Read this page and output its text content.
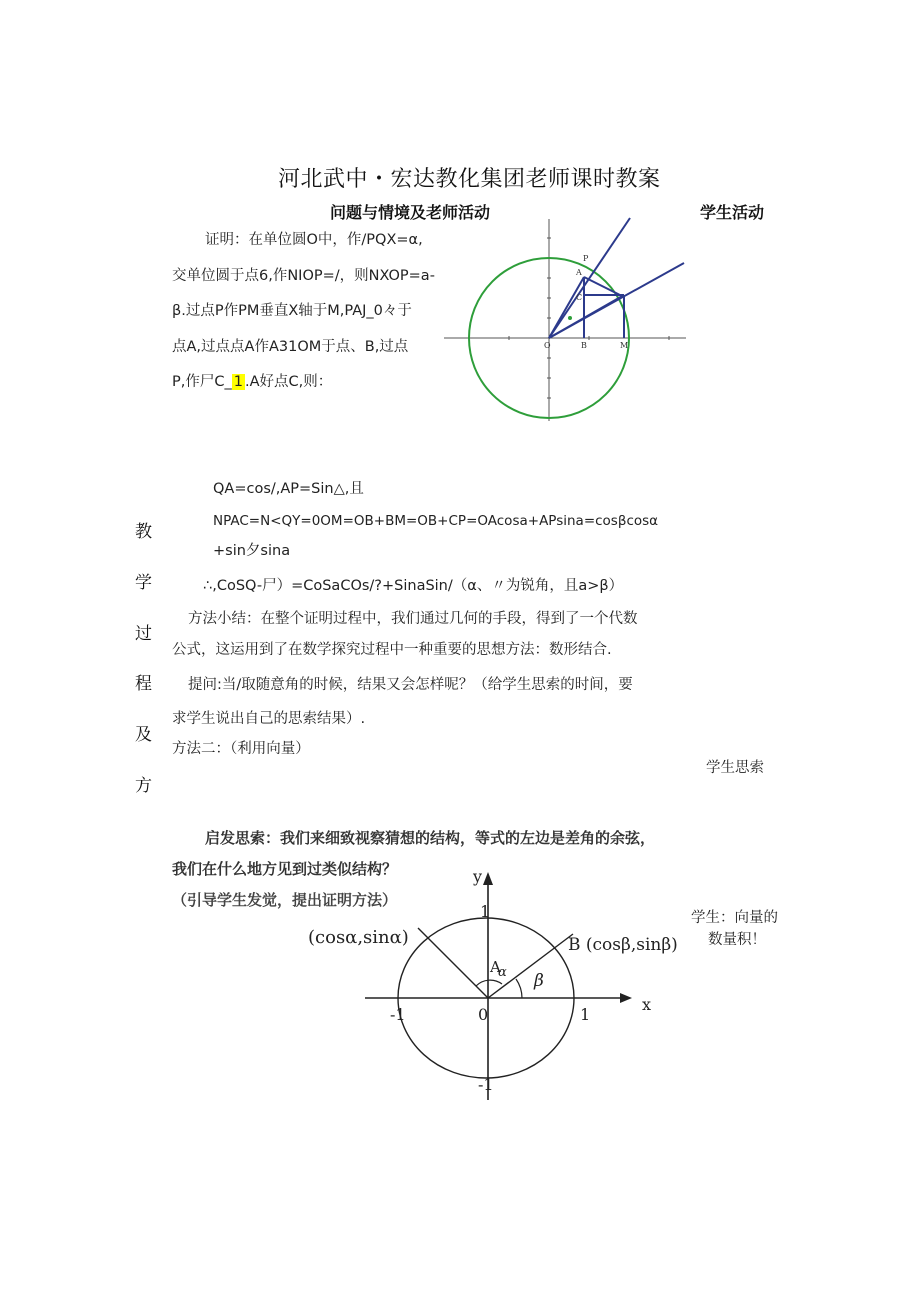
河北武中・宏达教化集团老师课时教案
问题与情境及老师活动	学生活动
证明：在单位圆O中，作/PQX=α,
交单位圆于点6,作NIOP=/，则NXOP=a-
β.过点P作PM垂直X轴于M,PAJ_0々于
点A,过点点A作A31OM于点、B,过点
P,作尸C_ 1 .A好点C,则：
P
A
C
O	B	M
QA=cos∕,AP=Sin△,且
NPAC=N<QY=0OM=OB+BM=OB+CP=OAcosa+APsina=cosβcosα
+sin夕sina
∴,CoSQ-尸）=CoSaCOs/?+SinaSin/（α、〃为锐角，且a>β）
方法小结：在整个证明过程中，我们通过几何的手段，得到了一个代数
公式，这运用到了在数学探究过程中一种重要的思想方法：数形结合.
提问:当/取随意角的时候，结果又会怎样呢？（给学生思索的时间，要
求学生说出自己的思索结果）.
方法二：（利用向量）
教
学
过
程
及
方
学生思索
学生：向量的
数量积！
启发思索：我们来细致视察猜想的结构，等式的左边是差角的余弦，
我们在什么地方见到过类似结构？
（引导学生发觉，提出证明方法）
y
x
1
-1	0	1
-1
(cosα,sinα)	B (cosβ,sinβ)
A
α β
